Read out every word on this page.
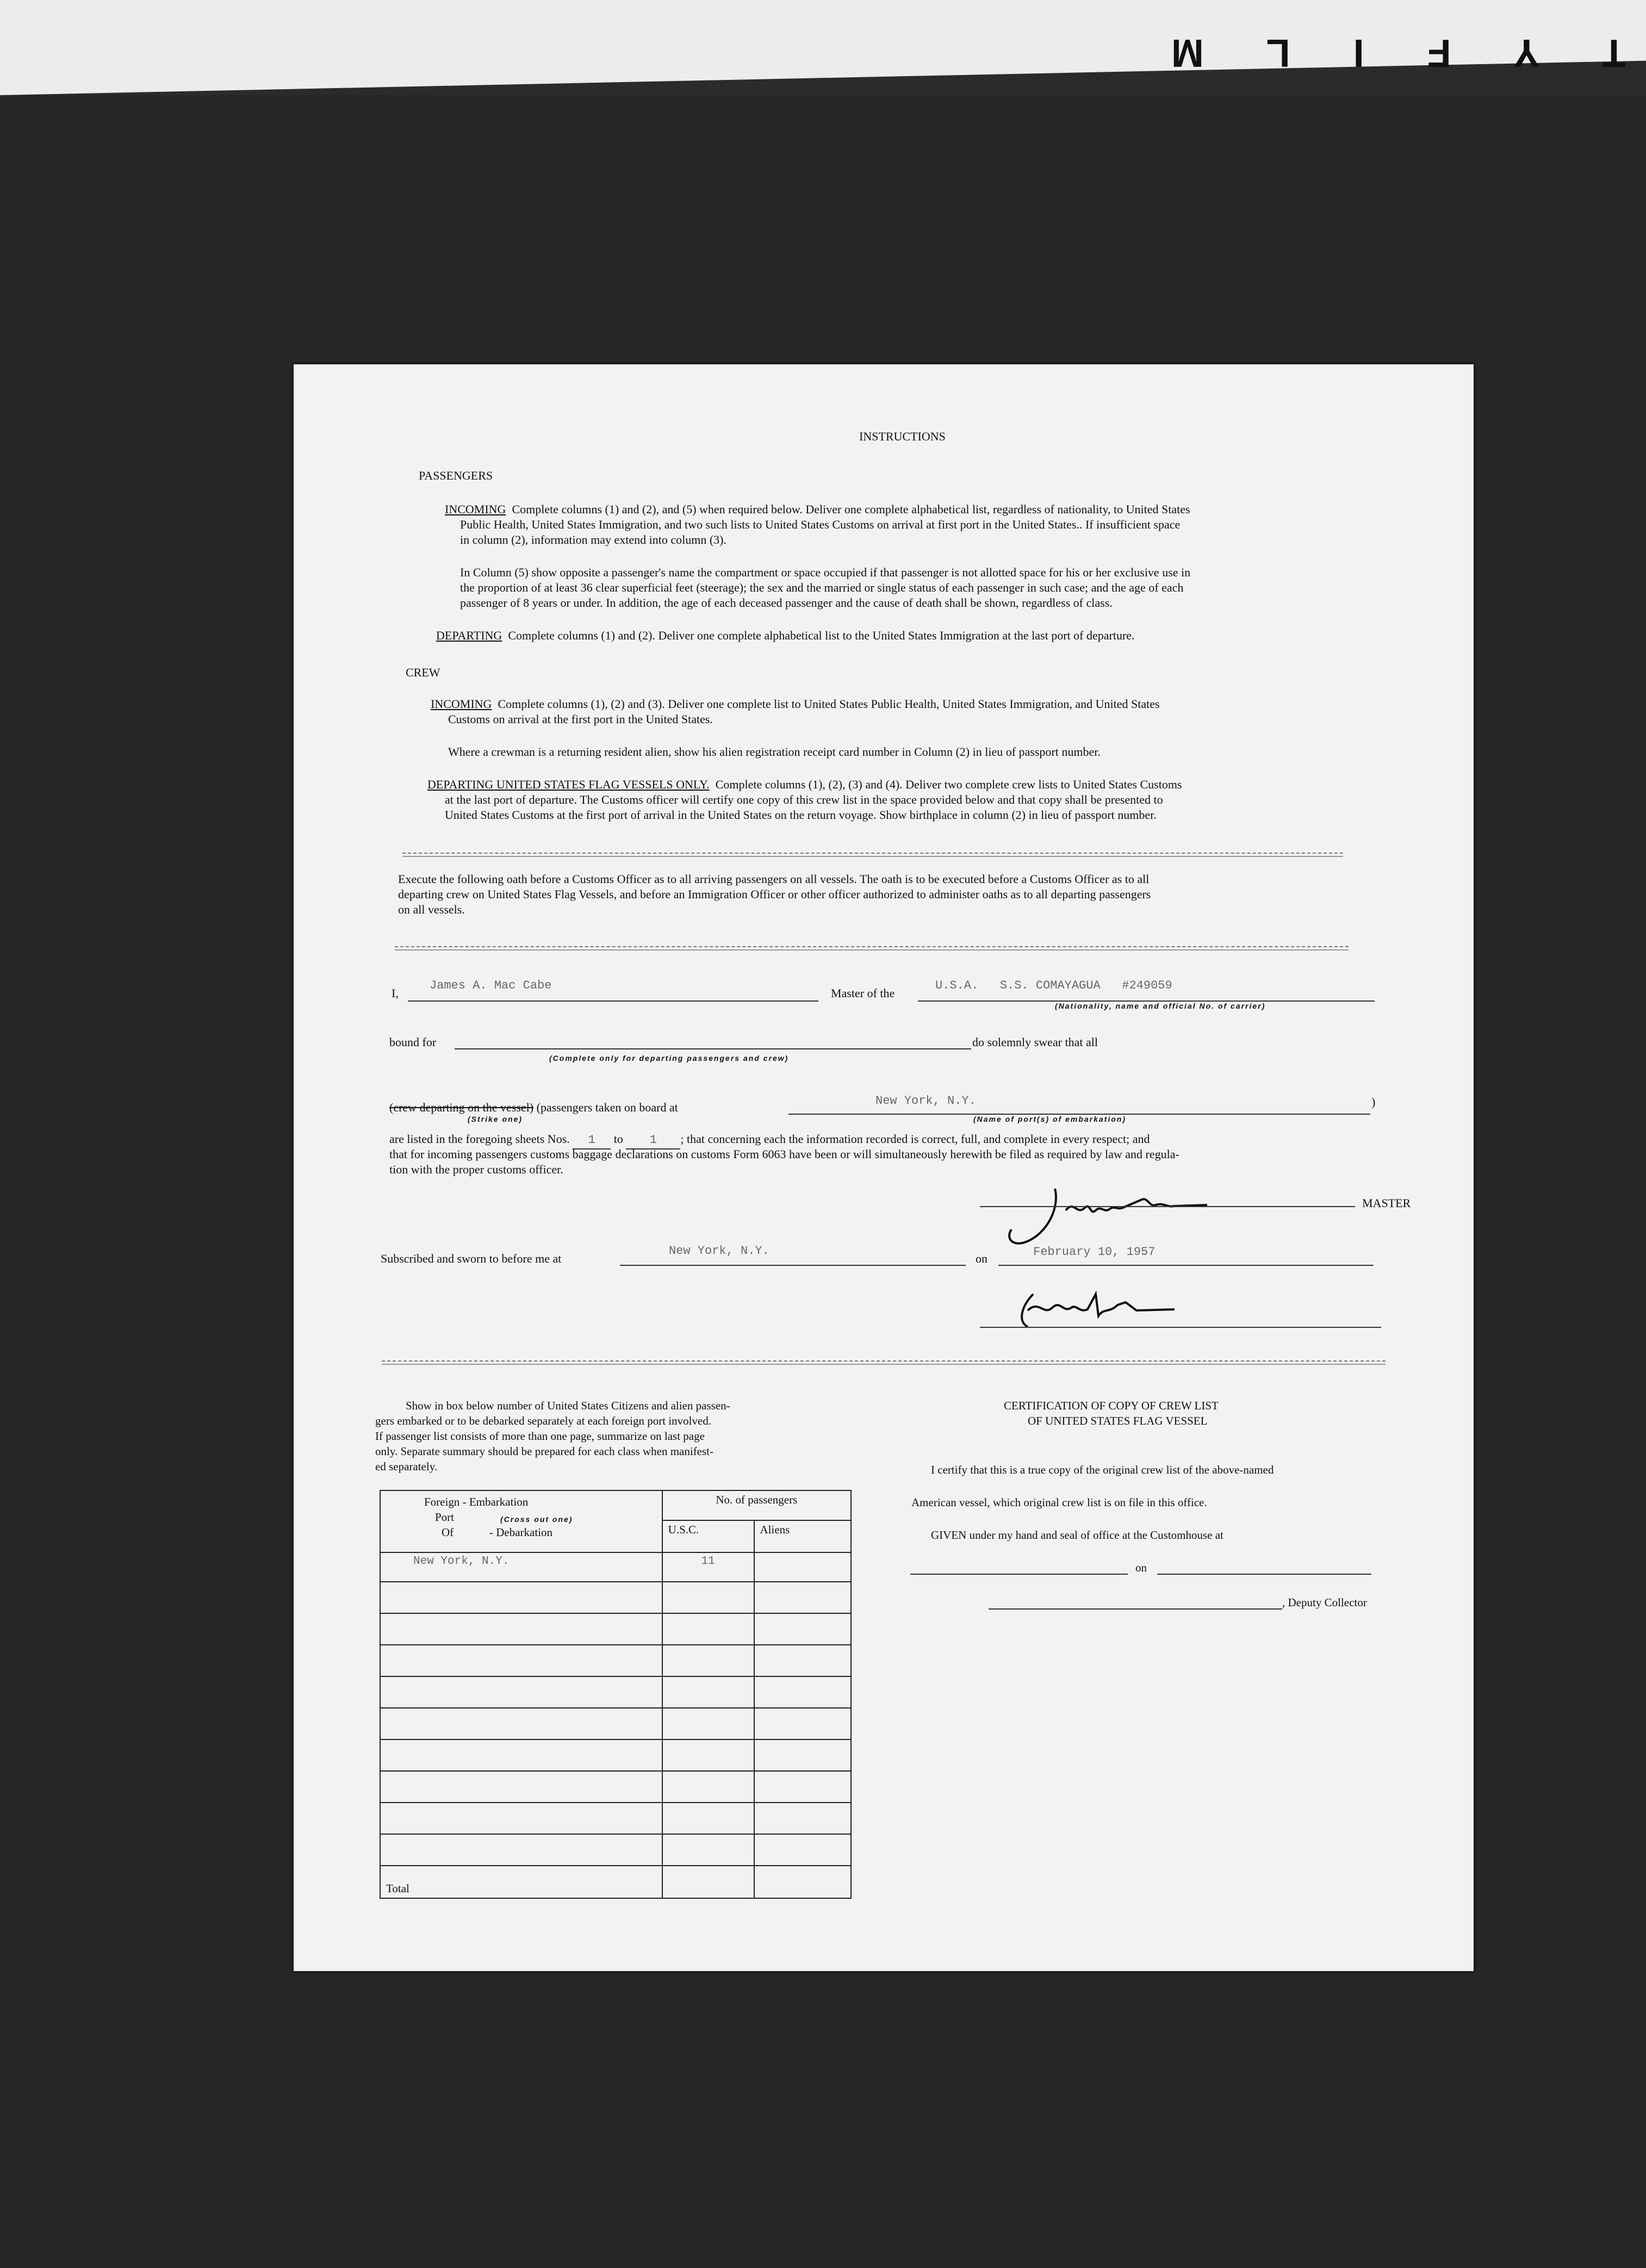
T Y F I L M
INSTRUCTIONS
PASSENGERS
INCOMING Complete columns (1) and (2), and (5) when required below. Deliver one complete alphabetical list, regardless of nationality, to United States
Public Health, United States Immigration, and two such lists to United States Customs on arrival at first port in the United States.. If insufficient space
in column (2), information may extend into column (3).
In Column (5) show opposite a passenger's name the compartment or space occupied if that passenger is not allotted space for his or her exclusive use in
the proportion of at least 36 clear superficial feet (steerage); the sex and the married or single status of each passenger in such case; and the age of each
passenger of 8 years or under. In addition, the age of each deceased passenger and the cause of death shall be shown, regardless of class.
DEPARTING Complete columns (1) and (2). Deliver one complete alphabetical list to the United States Immigration at the last port of departure.
CREW
INCOMING Complete columns (1), (2) and (3). Deliver one complete list to United States Public Health, United States Immigration, and United States
Customs on arrival at the first port in the United States.
Where a crewman is a returning resident alien, show his alien registration receipt card number in Column (2) in lieu of passport number.
DEPARTING UNITED STATES FLAG VESSELS ONLY. Complete columns (1), (2), (3) and (4). Deliver two complete crew lists to United States Customs
at the last port of departure. The Customs officer will certify one copy of this crew list in the space provided below and that copy shall be presented to
United States Customs at the first port of arrival in the United States on the return voyage. Show birthplace in column (2) in lieu of passport number.
Execute the following oath before a Customs Officer as to all arriving passengers on all vessels. The oath is to be executed before a Customs Officer as to all
departing crew on United States Flag Vessels, and before an Immigration Officer or other officer authorized to administer oaths as to all departing passengers
on all vessels.
I,
James A. Mac Cabe
Master of the
U.S.A.   S.S. COMAYAGUA   #249059
(Nationality, name and official No. of carrier)
bound for	do solemnly swear that all
(Complete only for departing passengers and crew)
(crew departing on the vessel) (passengers taken on board at	New York, N.Y.	)
(Strike one)	(Name of port(s) of embarkation)
are listed in the foregoing sheets Nos. 1 to 1 ; that concerning each the information recorded is correct, full, and complete in every respect; and
that for incoming passengers customs baggage declarations on customs Form 6063 have been or will simultaneously herewith be filed as required by law and regula-
tion with the proper customs officer.
MASTER
Subscribed and sworn to before me at
New York, N.Y.
on	February 10, 1957
Show in box below number of United States Citizens and alien passen-
gers embarked or to be debarked separately at each foreign port involved.
If passenger list consists of more than one page, summarize on last page
only. Separate summary should be prepared for each class when manifest-
ed separately.
Foreign - Embarkation
Port (Cross out one)
Of - Debarkation	No. of passengers	
	U.S.C.	Aliens
New York, N.Y.	11	

Total		
CERTIFICATION OF COPY OF CREW LIST
OF UNITED STATES FLAG VESSEL
I certify that this is a true copy of the original crew list of the above-named
American vessel, which original crew list is on file in this office.
GIVEN under my hand and seal of office at the Customhouse at
on
, Deputy Collector
